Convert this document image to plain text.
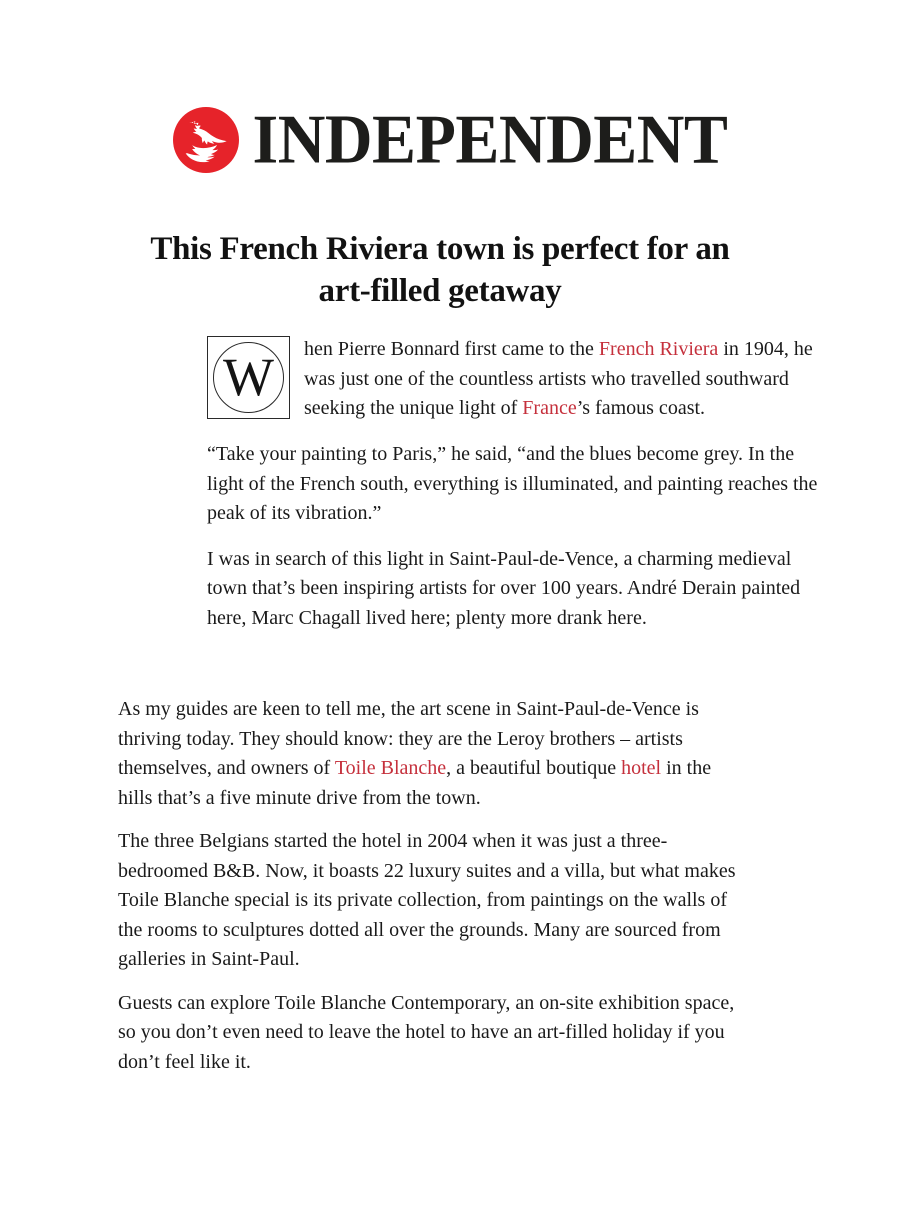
INDEPENDENT
This French Riviera town is perfect for an art-filled getaway

W	hen Pierre Bonnard first came to the French Riviera in 1904, he was just one of the countless artists who travelled southward seeking the unique light of France’s famous coast.

“Take your painting to Paris,” he said, “and the blues become grey. In the light of the French south, everything is illuminated, and painting reaches the peak of its vibration.”

I was in search of this light in Saint-Paul-de-Vence, a charming medieval town that’s been inspiring artists for over 100 years. André Derain painted here, Marc Chagall lived here; plenty more drank here.

As my guides are keen to tell me, the art scene in Saint-Paul-de-Vence is thriving today. They should know: they are the Leroy brothers – artists themselves, and owners of Toile Blanche, a beautiful boutique hotel in the hills that’s a five minute drive from the town.

The three Belgians started the hotel in 2004 when it was just a three-bedroomed B&B. Now, it boasts 22 luxury suites and a villa, but what makes Toile Blanche special is its private collection, from paintings on the walls of the rooms to sculptures dotted all over the grounds. Many are sourced from galleries in Saint-Paul.

Guests can explore Toile Blanche Contemporary, an on-site exhibition space, so you don’t even need to leave the hotel to have an art-filled holiday if you don’t feel like it.
